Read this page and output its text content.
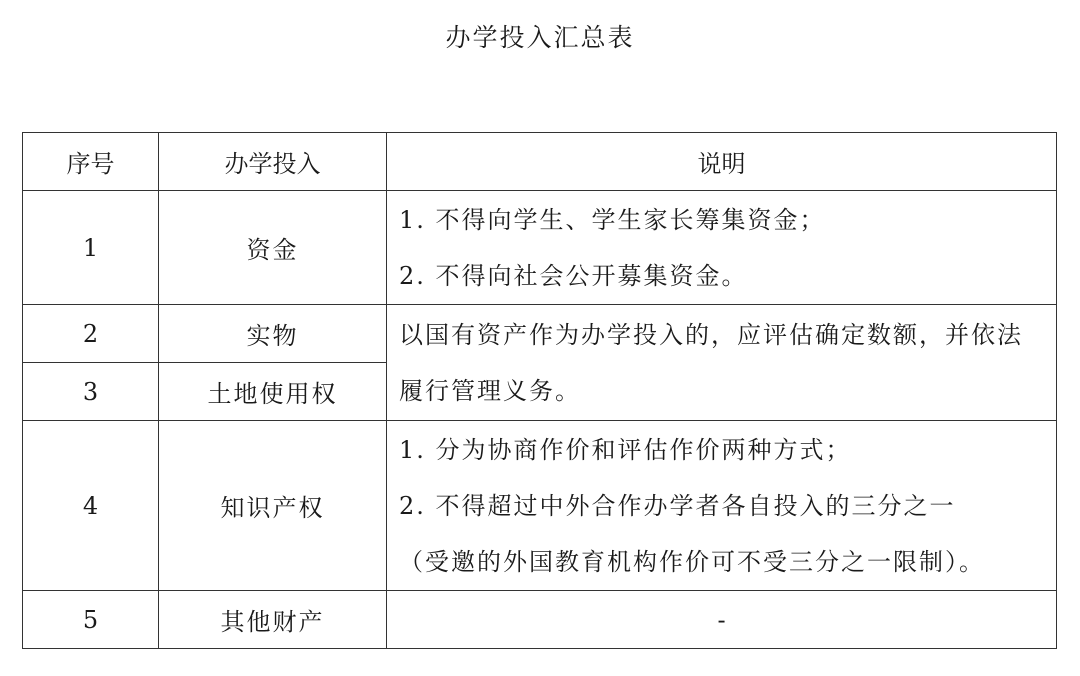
办学投入汇总表
序号	办学投入	说明
1	资金	1. 不得向学生、学生家长筹集资金；
2. 不得向社会公开募集资金。

2	实物	以国有资产作为办学投入的，应评估确定数额，并依法履行管理义务。

3	土地使用权	
4	知识产权	1. 分为协商作价和评估作价两种方式；
2. 不得超过中外合作办学者各自投入的三分之一
（受邀的外国教育机构作价可不受三分之一限制）。

5	其他财产	-
